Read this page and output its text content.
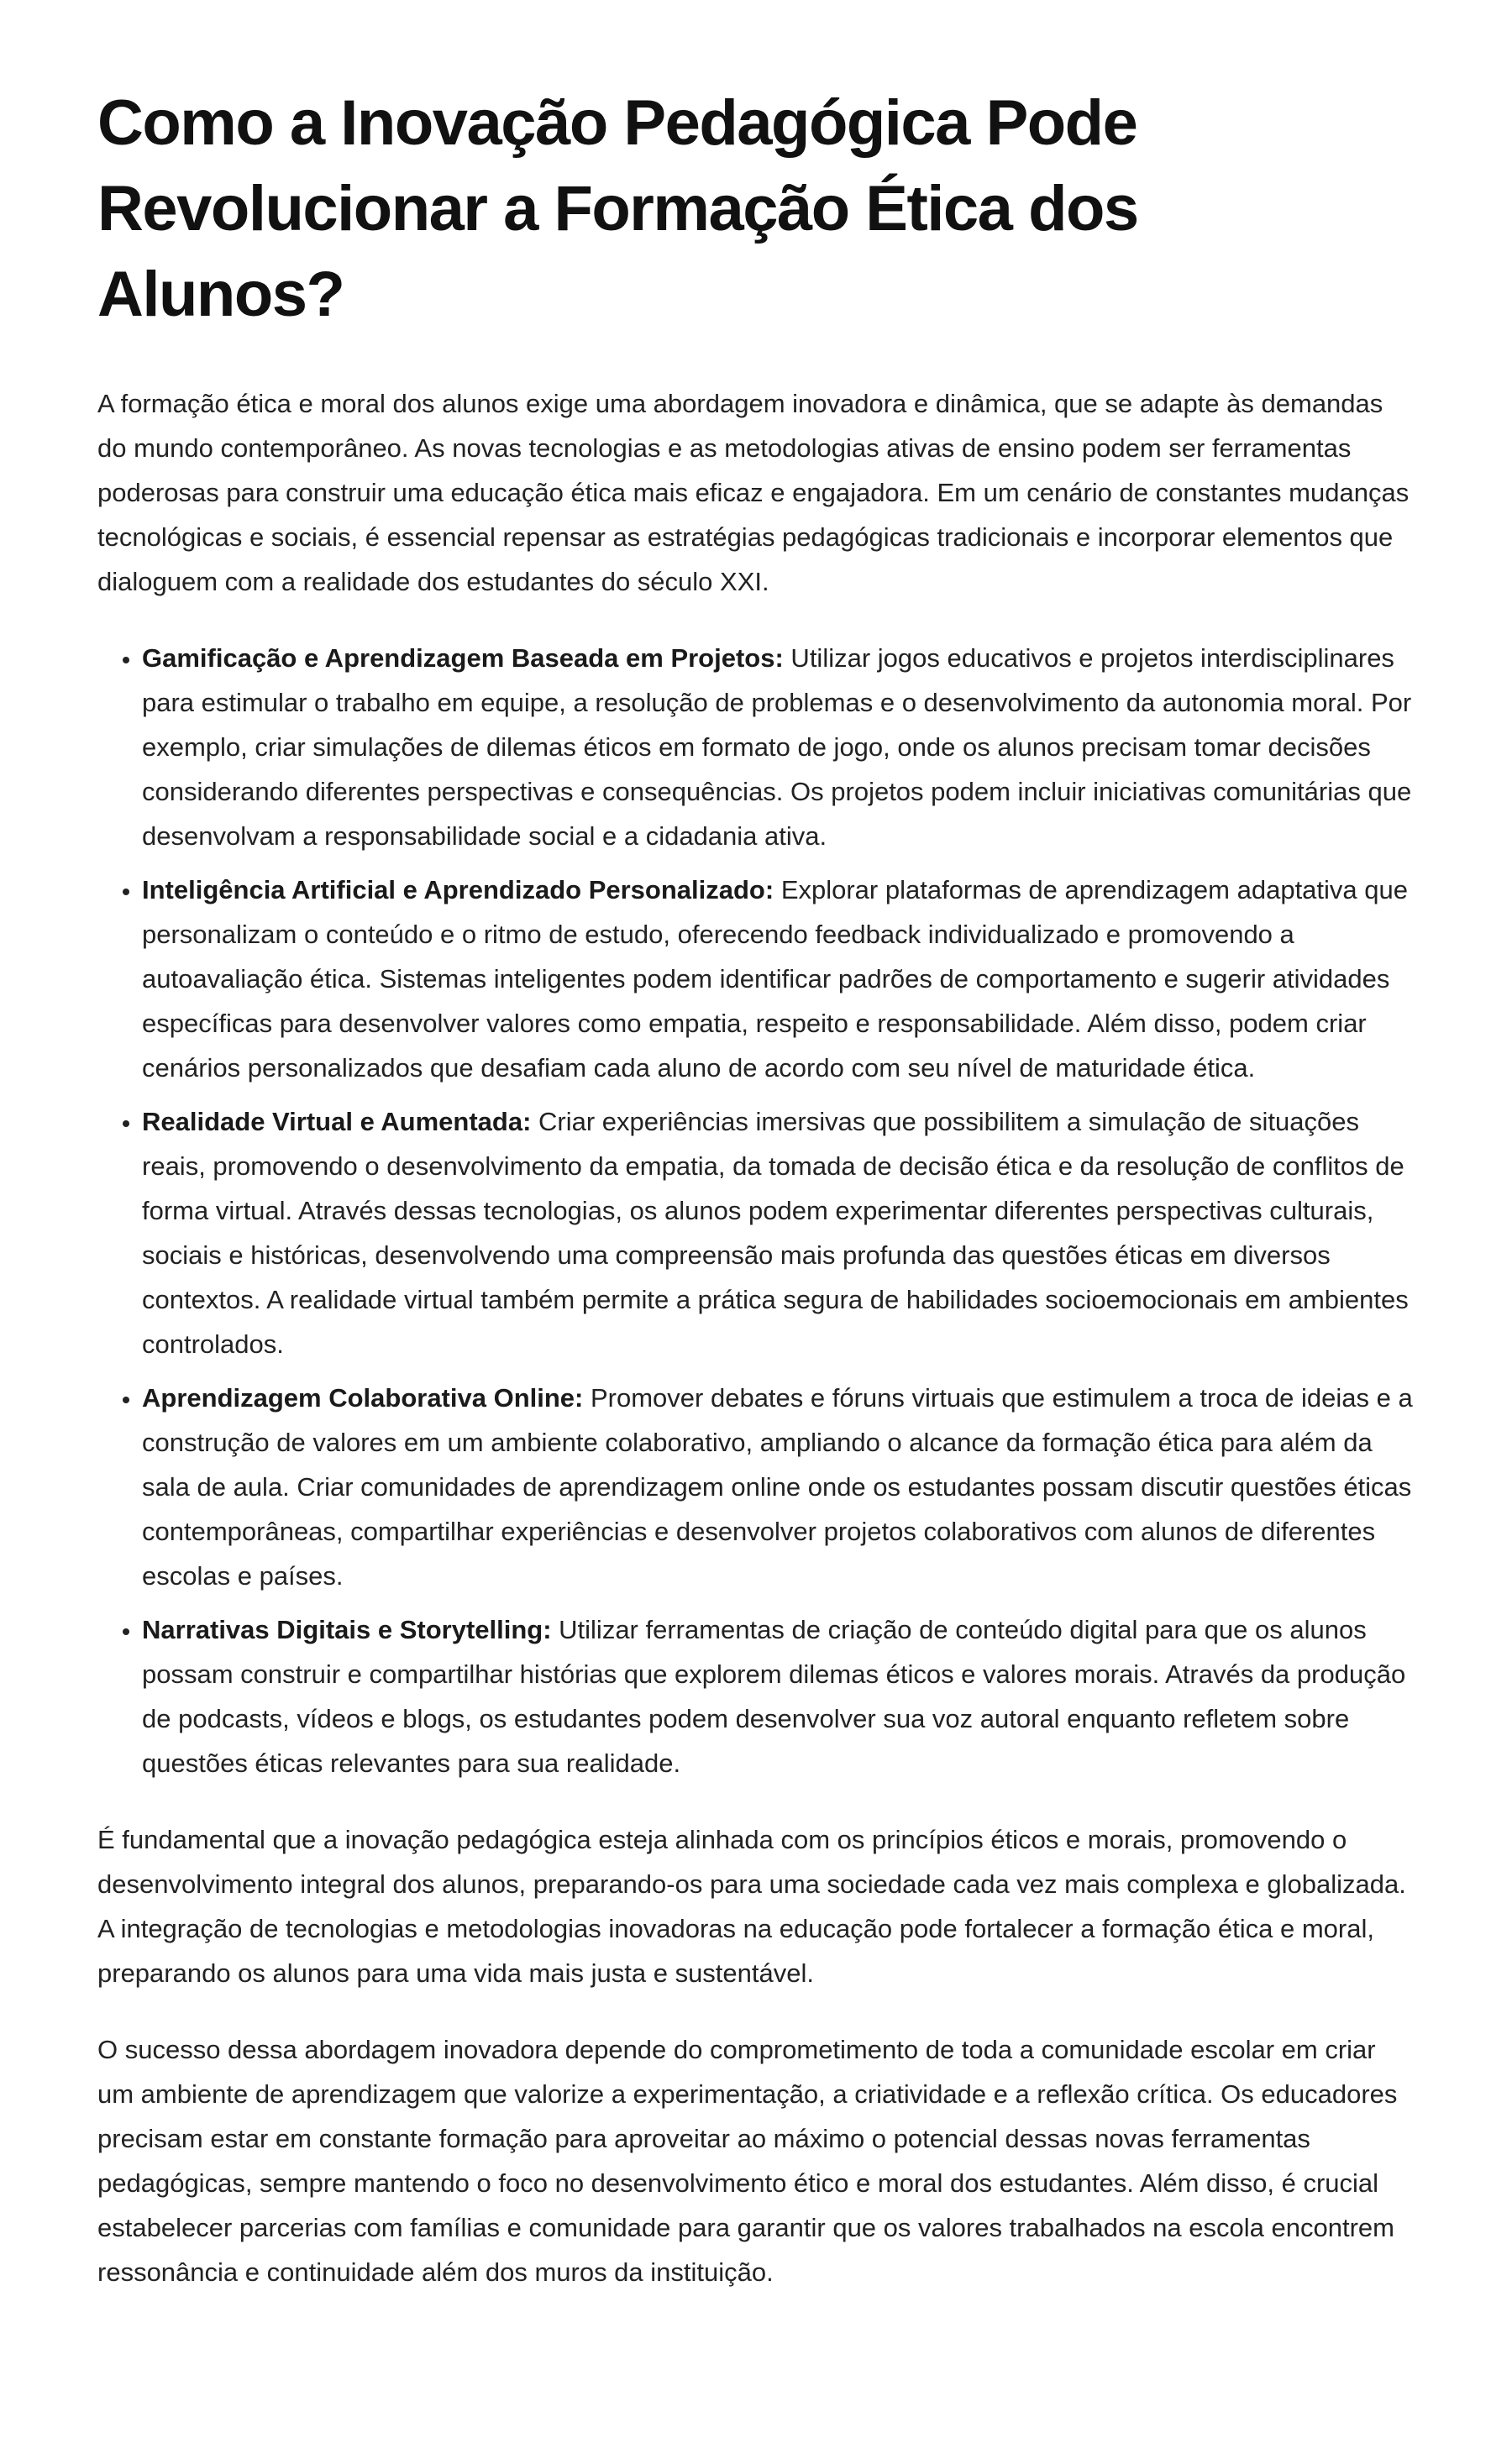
Como a Inovação Pedagógica Pode Revolucionar a Formação Ética dos Alunos?

A formação ética e moral dos alunos exige uma abordagem inovadora e dinâmica, que se adapte às demandas do mundo contemporâneo. As novas tecnologias e as metodologias ativas de ensino podem ser ferramentas poderosas para construir uma educação ética mais eficaz e engajadora. Em um cenário de constantes mudanças tecnológicas e sociais, é essencial repensar as estratégias pedagógicas tradicionais e incorporar elementos que dialoguem com a realidade dos estudantes do século XXI.

• Gamificação e Aprendizagem Baseada em Projetos: Utilizar jogos educativos e projetos interdisciplinares para estimular o trabalho em equipe, a resolução de problemas e o desenvolvimento da autonomia moral. Por exemplo, criar simulações de dilemas éticos em formato de jogo, onde os alunos precisam tomar decisões considerando diferentes perspectivas e consequências. Os projetos podem incluir iniciativas comunitárias que desenvolvam a responsabilidade social e a cidadania ativa.
• Inteligência Artificial e Aprendizado Personalizado: Explorar plataformas de aprendizagem adaptativa que personalizam o conteúdo e o ritmo de estudo, oferecendo feedback individualizado e promovendo a autoavaliação ética. Sistemas inteligentes podem identificar padrões de comportamento e sugerir atividades específicas para desenvolver valores como empatia, respeito e responsabilidade. Além disso, podem criar cenários personalizados que desafiam cada aluno de acordo com seu nível de maturidade ética.
• Realidade Virtual e Aumentada: Criar experiências imersivas que possibilitem a simulação de situações reais, promovendo o desenvolvimento da empatia, da tomada de decisão ética e da resolução de conflitos de forma virtual. Através dessas tecnologias, os alunos podem experimentar diferentes perspectivas culturais, sociais e históricas, desenvolvendo uma compreensão mais profunda das questões éticas em diversos contextos. A realidade virtual também permite a prática segura de habilidades socioemocionais em ambientes controlados.
• Aprendizagem Colaborativa Online: Promover debates e fóruns virtuais que estimulem a troca de ideias e a construção de valores em um ambiente colaborativo, ampliando o alcance da formação ética para além da sala de aula. Criar comunidades de aprendizagem online onde os estudantes possam discutir questões éticas contemporâneas, compartilhar experiências e desenvolver projetos colaborativos com alunos de diferentes escolas e países.
• Narrativas Digitais e Storytelling: Utilizar ferramentas de criação de conteúdo digital para que os alunos possam construir e compartilhar histórias que explorem dilemas éticos e valores morais. Através da produção de podcasts, vídeos e blogs, os estudantes podem desenvolver sua voz autoral enquanto refletem sobre questões éticas relevantes para sua realidade.

É fundamental que a inovação pedagógica esteja alinhada com os princípios éticos e morais, promovendo o desenvolvimento integral dos alunos, preparando-os para uma sociedade cada vez mais complexa e globalizada. A integração de tecnologias e metodologias inovadoras na educação pode fortalecer a formação ética e moral, preparando os alunos para uma vida mais justa e sustentável.

O sucesso dessa abordagem inovadora depende do comprometimento de toda a comunidade escolar em criar um ambiente de aprendizagem que valorize a experimentação, a criatividade e a reflexão crítica. Os educadores precisam estar em constante formação para aproveitar ao máximo o potencial dessas novas ferramentas pedagógicas, sempre mantendo o foco no desenvolvimento ético e moral dos estudantes. Além disso, é crucial estabelecer parcerias com famílias e comunidade para garantir que os valores trabalhados na escola encontrem ressonância e continuidade além dos muros da instituição.
